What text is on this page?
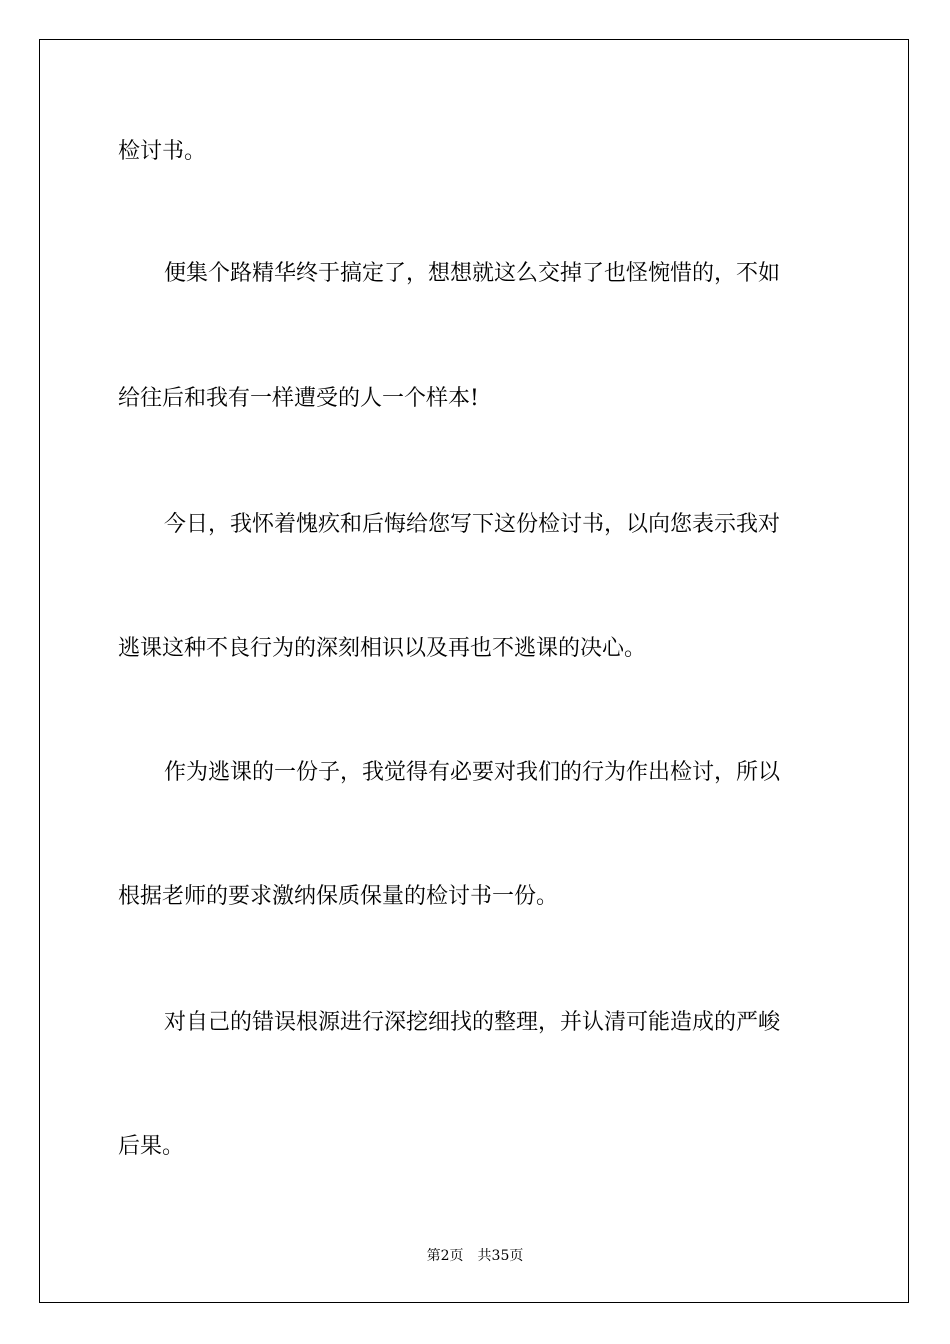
检讨书。

便集个路精华终于搞定了，想想就这么交掉了也怪惋惜的，不如

给往后和我有一样遭受的人一个样本!

今日，我怀着愧疚和后悔给您写下这份检讨书，以向您表示我对

逃课这种不良行为的深刻相识以及再也不逃课的决心。

作为逃课的一份子，我觉得有必要对我们的行为作出检讨，所以

根据老师的要求激纳保质保量的检讨书一份。

对自己的错误根源进行深挖细找的整理，并认清可能造成的严峻

后果。

第2页 共35页
